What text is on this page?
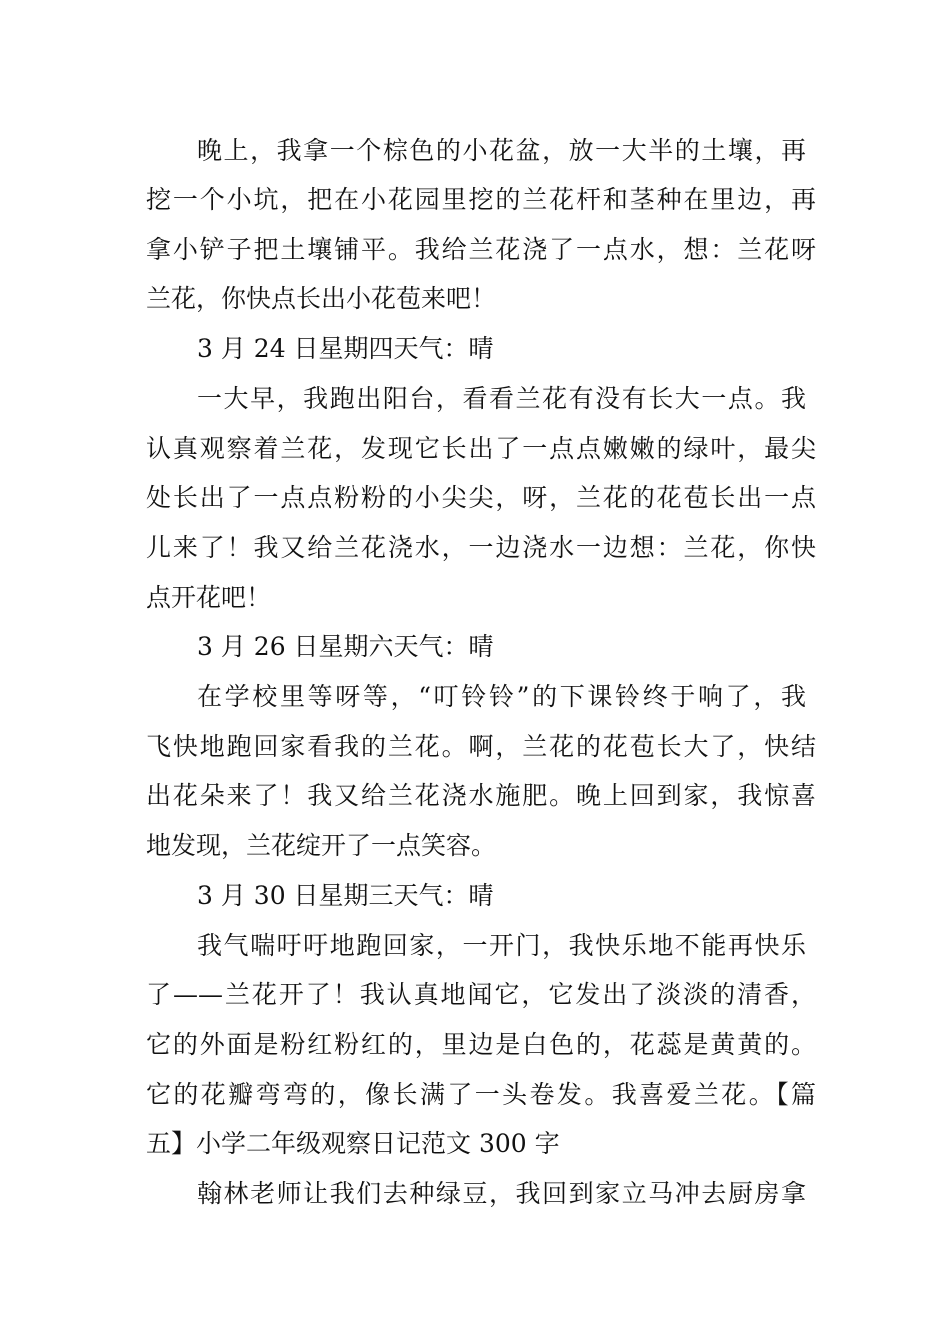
晚上，我拿一个棕色的小花盆，放一大半的土壤，再
挖一个小坑，把在小花园里挖的兰花杆和茎种在里边，再
拿小铲子把土壤铺平。我给兰花浇了一点水，想：兰花呀
兰花，你快点长出小花苞来吧！
3 月 24 日星期四天气：晴
一大早，我跑出阳台，看看兰花有没有长大一点。我
认真观察着兰花，发现它长出了一点点嫩嫩的绿叶，最尖
处长出了一点点粉粉的小尖尖，呀，兰花的花苞长出一点
儿来了！我又给兰花浇水，一边浇水一边想：兰花，你快
点开花吧！
3 月 26 日星期六天气：晴
在学校里等呀等，“叮铃铃”的下课铃终于响了，我
飞快地跑回家看我的兰花。啊，兰花的花苞长大了，快结
出花朵来了！我又给兰花浇水施肥。晚上回到家，我惊喜
地发现，兰花绽开了一点笑容。
3 月 30 日星期三天气：晴
我气喘吁吁地跑回家，一开门，我快乐地不能再快乐
了——兰花开了！我认真地闻它，它发出了淡淡的清香，
它的外面是粉红粉红的，里边是白色的，花蕊是黄黄的。
它的花瓣弯弯的，像长满了一头卷发。我喜爱兰花。【篇
五】小学二年级观察日记范文 300 字
翰林老师让我们去种绿豆，我回到家立马冲去厨房拿
